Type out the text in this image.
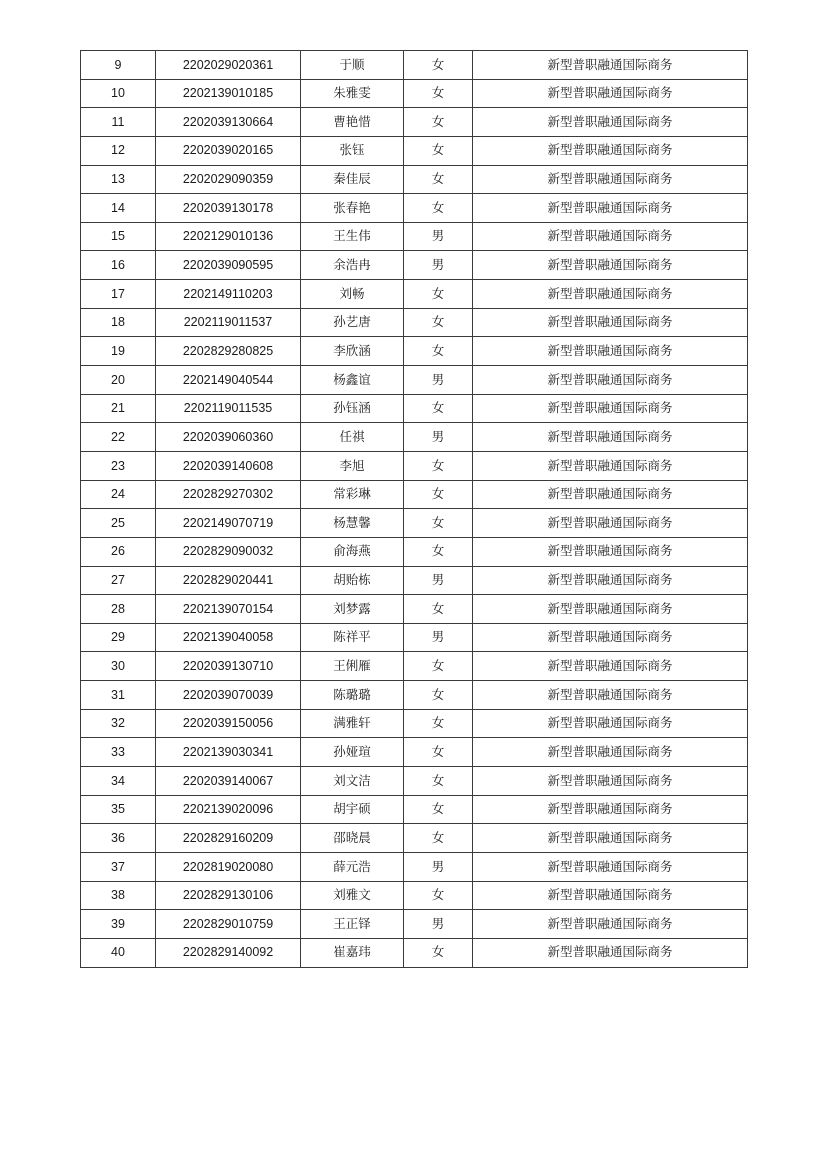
9	2202029020361	于顺	女	新型普职融通国际商务
10	2202139010185	朱雅雯	女	新型普职融通国际商务
11	2202039130664	曹艳惜	女	新型普职融通国际商务
12	2202039020165	张钰	女	新型普职融通国际商务
13	2202029090359	秦佳辰	女	新型普职融通国际商务
14	2202039130178	张春艳	女	新型普职融通国际商务
15	2202129010136	王生伟	男	新型普职融通国际商务
16	2202039090595	余浩冉	男	新型普职融通国际商务
17	2202149110203	刘畅	女	新型普职融通国际商务
18	2202119011537	孙艺唐	女	新型普职融通国际商务
19	2202829280825	李欣涵	女	新型普职融通国际商务
20	2202149040544	杨鑫谊	男	新型普职融通国际商务
21	2202119011535	孙钰涵	女	新型普职融通国际商务
22	2202039060360	任祺	男	新型普职融通国际商务
23	2202039140608	李旭	女	新型普职融通国际商务
24	2202829270302	常彩琳	女	新型普职融通国际商务
25	2202149070719	杨慧馨	女	新型普职融通国际商务
26	2202829090032	俞海燕	女	新型普职融通国际商务
27	2202829020441	胡贻栋	男	新型普职融通国际商务
28	2202139070154	刘梦露	女	新型普职融通国际商务
29	2202139040058	陈祥平	男	新型普职融通国际商务
30	2202039130710	王俐雁	女	新型普职融通国际商务
31	2202039070039	陈璐璐	女	新型普职融通国际商务
32	2202039150056	满雅轩	女	新型普职融通国际商务
33	2202139030341	孙娅瑄	女	新型普职融通国际商务
34	2202039140067	刘文洁	女	新型普职融通国际商务
35	2202139020096	胡宇硕	女	新型普职融通国际商务
36	2202829160209	邵晓晨	女	新型普职融通国际商务
37	2202819020080	薛元浩	男	新型普职融通国际商务
38	2202829130106	刘雅文	女	新型普职融通国际商务
39	2202829010759	王正铎	男	新型普职融通国际商务
40	2202829140092	崔嘉玮	女	新型普职融通国际商务
